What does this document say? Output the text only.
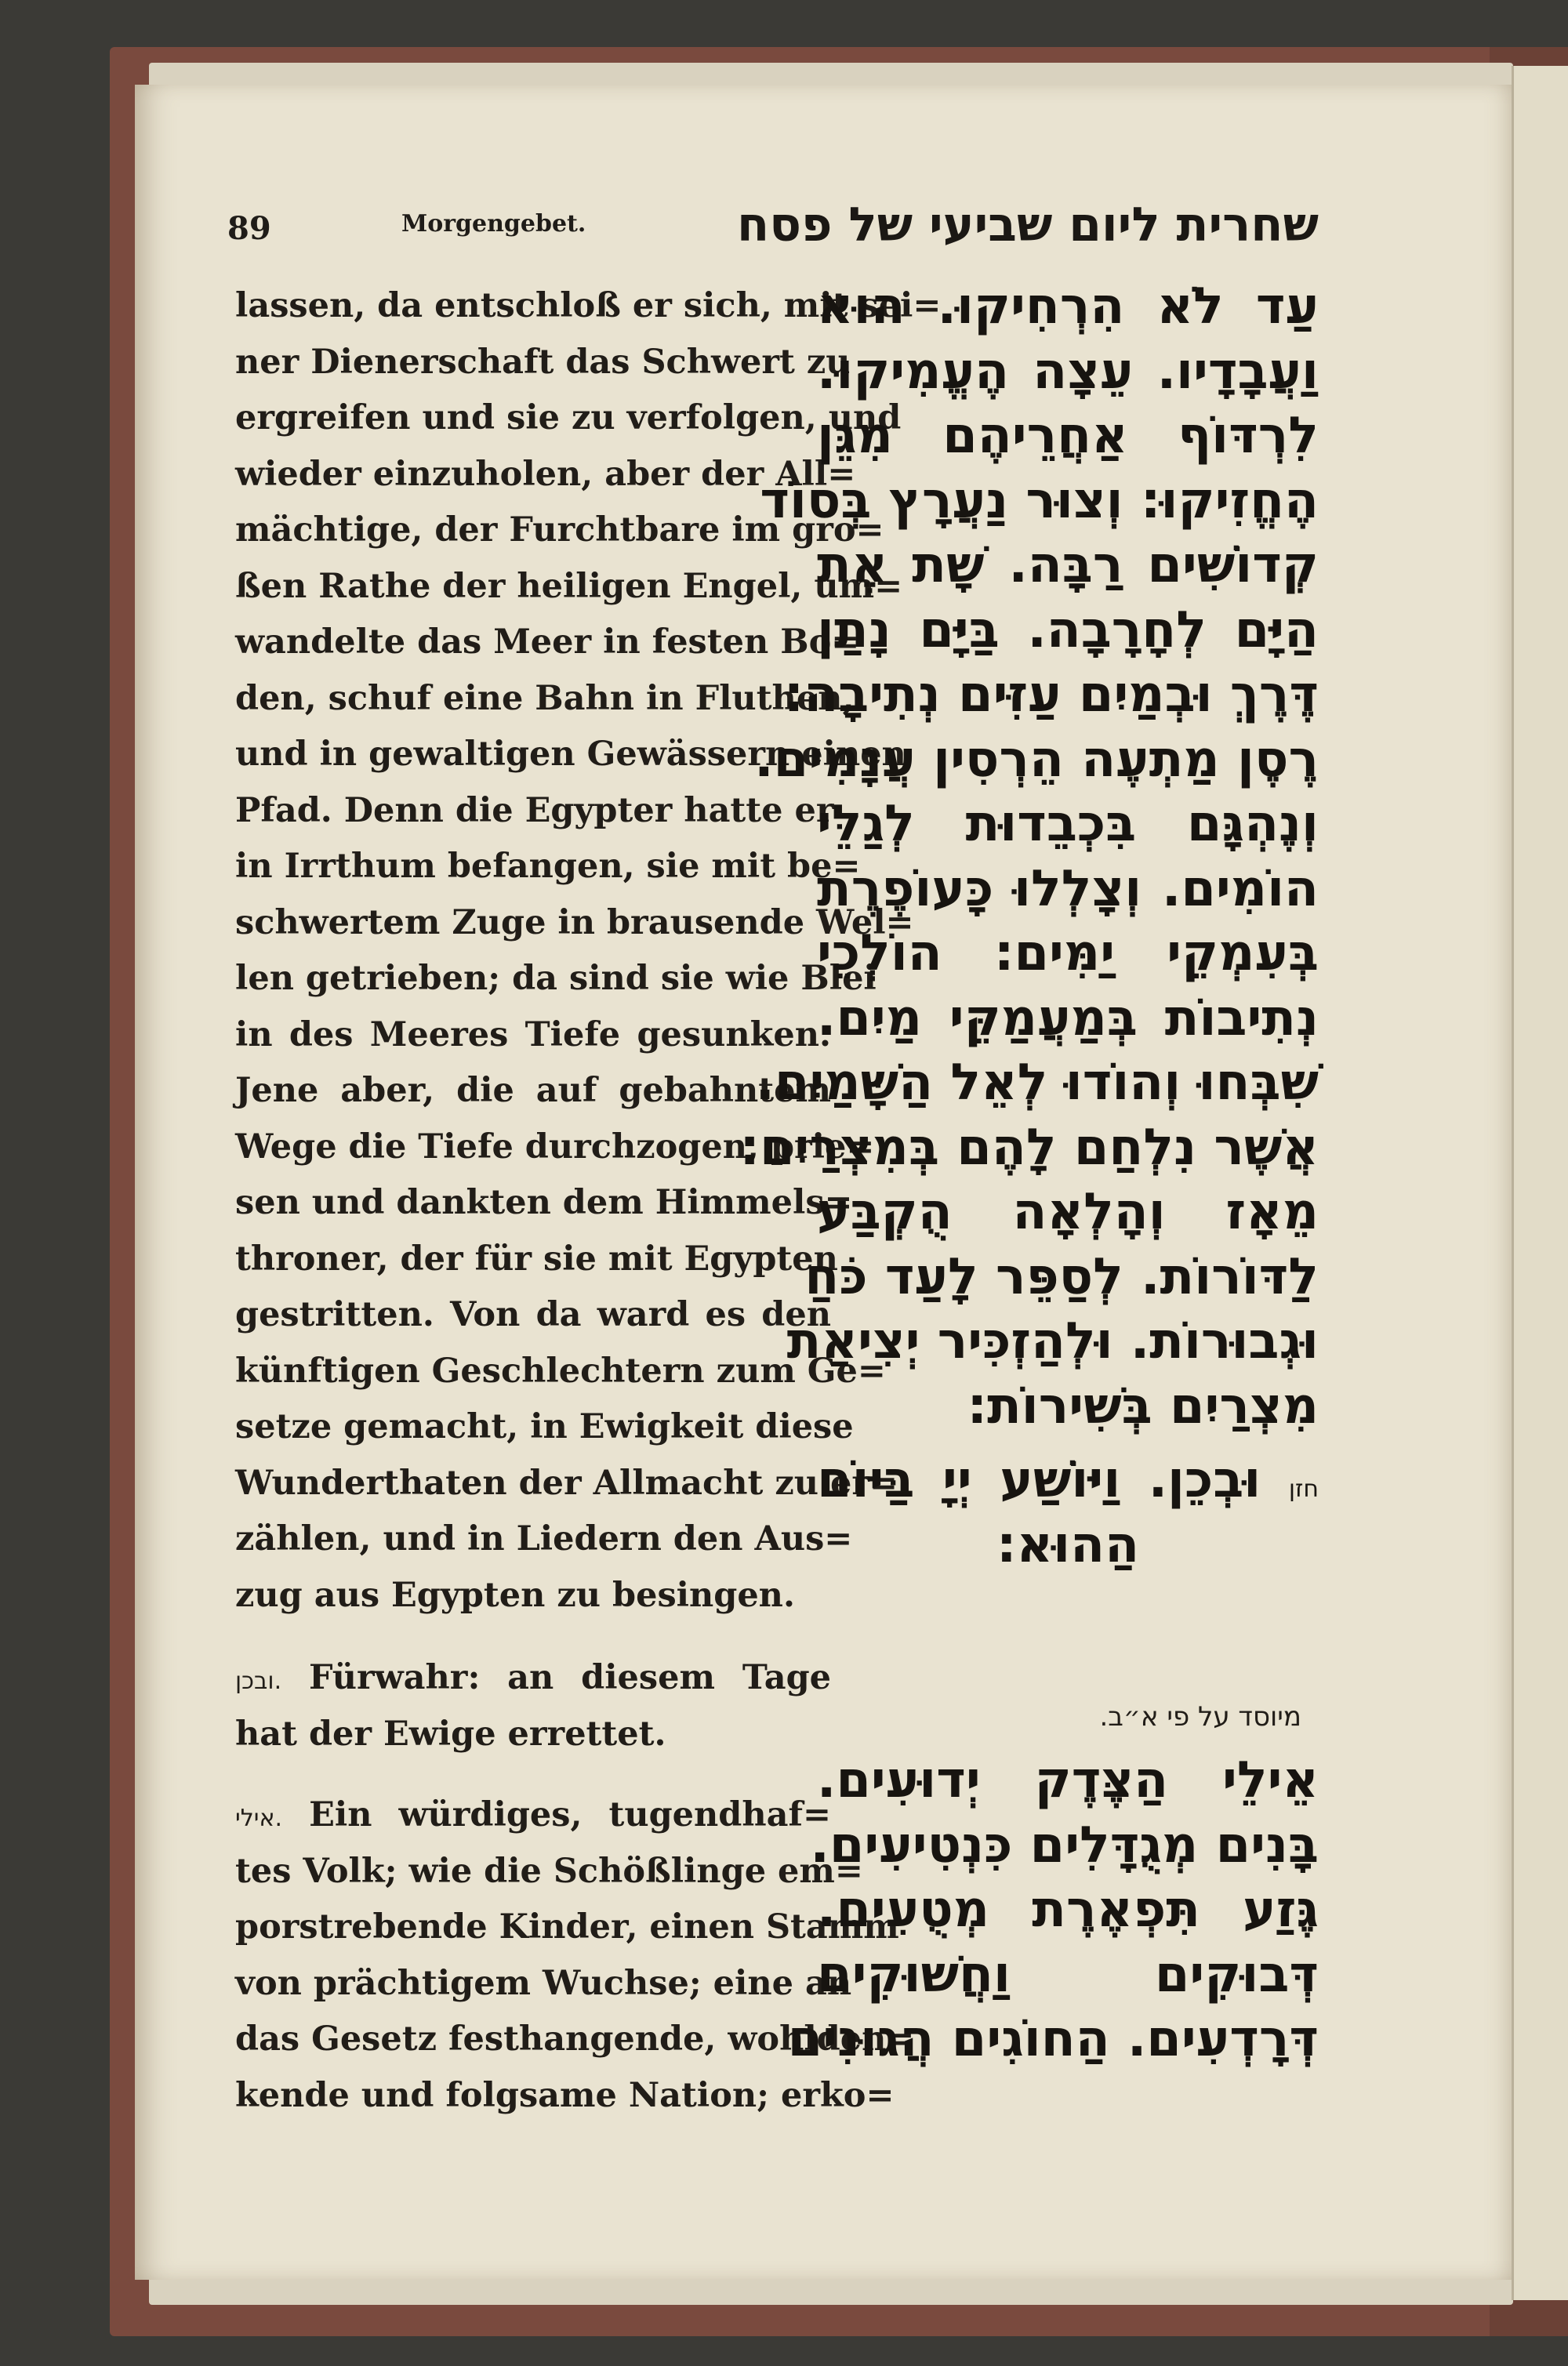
89	Morgengebet.	שחרית ליום שביעי של פסח
lassen, da entschloß er sich, mit sei=
ner Dienerschaft das Schwert zu
ergreifen und sie zu verfolgen, und
wieder einzuholen, aber der All=
mächtige, der Furchtbare im gro=
ßen Rathe der heiligen Engel, um=
wandelte das Meer in festen Bo=
den, schuf eine Bahn in Fluthen,
und in gewaltigen Gewässern einen
Pfad. Denn die Egypter hatte er
in Irrthum befangen, sie mit be=
schwertem Zuge in brausende Wel=
len getrieben; da sind sie wie Blei
in des Meeres Tiefe gesunken.
Jene aber, die auf gebahntem
Wege die Tiefe durchzogen, prie=
sen und dankten dem Himmels=
throner, der für sie mit Egypten
gestritten. Von da ward es den
künftigen Geschlechtern zum Ge=
setze gemacht, in Ewigkeit diese
Wunderthaten der Allmacht zu er=
zählen, und in Liedern den Aus=
zug aus Egypten zu besingen.
ובכן. Fürwahr: an diesem Tage
hat der Ewige errettet.
אילי. Ein würdiges, tugendhaf=
tes Volk; wie die Schößlinge em=
porstrebende Kinder, einen Stamm
von prächtigem Wuchse; eine an
das Gesetz festhangende, wohlden=
kende und folgsame Nation; erko=
עַד לֹא הִרְחִיקוּ. הוּא
וַעֲבָדָיו. עֵצָה הֶעֱמִיקוּ.
לִרְדּוֹף אַחֲרֵיהֶם מִגֵּן
הֶחֱזִיקוּ: וְצוּר נַעֲרָץ בְּסוֹד
קְדוֹשִׁים רַבָּה. שָׁת אֶת
הַיָּם לְחָרָבָה. בַּיָּם נָתַן
דֶּרֶךְ וּבְמַיִם עַזִּים נְתִיבָה:
רֶסֶן מַתְעֶה הֵרְסִין עֲנָמִים.
וְנֶהְגָּם בִּכְבֵדוּת לְגַלֵּי
הוֹמִים. וְצָלְלוּ כָּעוֹפֶרֶת
בְּעִמְקֵי יַמִּים: הוֹלְכֵי
נְתִיבוֹת בְּמַעֲמַקֵּי מַיִם.
שִׁבְּחוּ וְהוֹדוּ לְאֵל הַשָּׁמַיִם.
אֲשֶׁר נִלְחַם לָהֶם בְּמִצְרַיִם:
מֵאָז וְהָלְאָה הֻקְבַּע
לַדּוֹרוֹת. לְסַפֵּר לָעַד כֹּחַ
וּגְבוּרוֹת. וּלְהַזְכִּיר יְצִיאַת
מִצְרַיִם בְּשִׁירוֹת:
חזן וּבְכֵן. וַיּוֹשַׁע יְיָ בַּיּוֹם
הַהוּא:
מיוסד על פי א״ב.
אֵילֵי הַצֶּדֶק יְדוּעִים.
בָּנִים מְגֻדָּלִים כִּנְטִיעִים.
גֶּזַע תִּפְאֶרֶת מְטֻעִים.
דְּבוּקִים וַחֲשׁוּקִים
דְּרָדְעִים. הַחוֹגִים הֲגוּנִים
